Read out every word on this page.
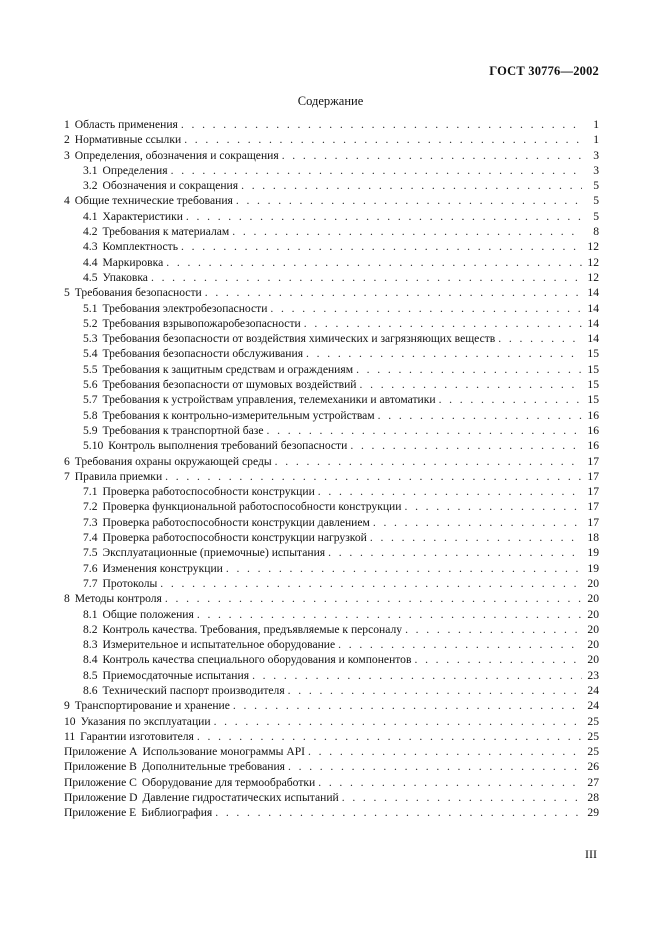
ГОСТ 30776—2002
Содержание
1 Область применения . . .	1
2 Нормативные ссылки . . .	1
3 Определения, обозначения и сокращения . . .	3
3.1 Определения . . .	3
3.2 Обозначения и сокращения . . .	5
4 Общие технические требования . . .	5
4.1 Характеристики . . .	5
4.2 Требования к материалам . . .	8
4.3 Комплектность . . .	12
4.4 Маркировка . . .	12
4.5 Упаковка . . .	12
5 Требования безопасности . . .	14
5.1 Требования электробезопасности . . .	14
5.2 Требования взрывопожаробезопасности . . .	14
5.3 Требования безопасности от воздействия химических и загрязняющих веществ . . .	14
5.4 Требования безопасности обслуживания . . .	15
5.5 Требования к защитным средствам и ограждениям . . .	15
5.6 Требования безопасности от шумовых воздействий . . .	15
5.7 Требования к устройствам управления, телемеханики и автоматики . . .	15
5.8 Требования к контрольно-измерительным устройствам . . .	16
5.9 Требования к транспортной базе . . .	16
5.10 Контроль выполнения требований безопасности . . .	16
6 Требования охраны окружающей среды . . .	17
7 Правила приемки . . .	17
7.1 Проверка работоспособности конструкции . . .	17
7.2 Проверка функциональной работоспособности конструкции . . .	17
7.3 Проверка работоспособности конструкции давлением . . .	17
7.4 Проверка работоспособности конструкции нагрузкой . . .	18
7.5 Эксплуатационные (приемочные) испытания . . .	19
7.6 Изменения конструкции . . .	19
7.7 Протоколы . . .	20
8 Методы контроля . . .	20
8.1 Общие положения . . .	20
8.2 Контроль качества. Требования, предъявляемые к персоналу . . .	20
8.3 Измерительное и испытательное оборудование . . .	20
8.4 Контроль качества специального оборудования и компонентов . . .	20
8.5 Приемосдаточные испытания . . .	23
8.6 Технический паспорт производителя . . .	24
9 Транспортирование и хранение . . .	24
10 Указания по эксплуатации . . .	25
11 Гарантии изготовителя . . .	25
Приложение А Использование монограммы API . . .	25
Приложение В Дополнительные требования . . .	26
Приложение С Оборудование для термообработки . . .	27
Приложение D Давление гидростатических испытаний . . .	28
Приложение Е Библиография . . .	29
III
